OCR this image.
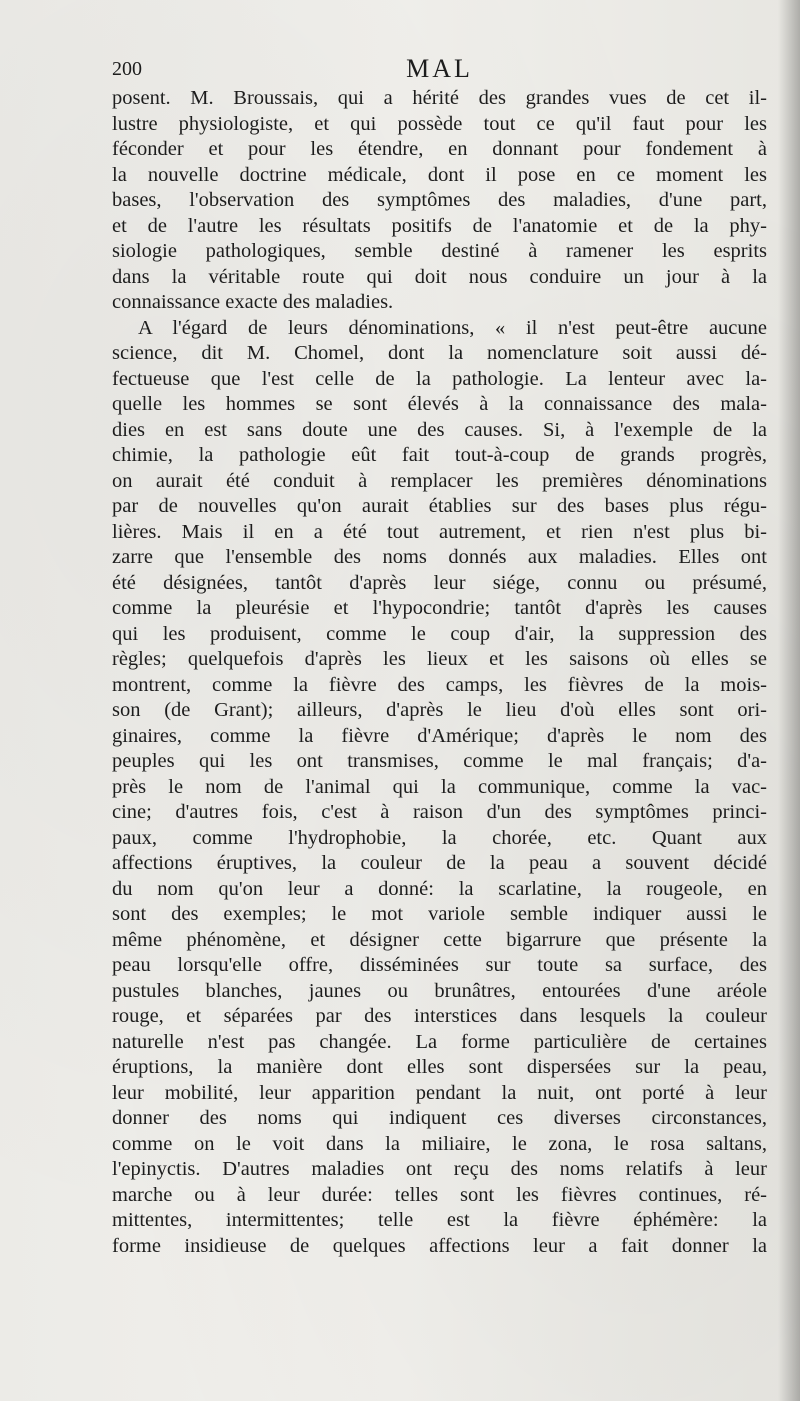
200	MAL
posent. M. Broussais, qui a hérité des grandes vues de cet il-
lustre physiologiste, et qui possède tout ce qu'il faut pour les
féconder et pour les étendre, en donnant pour fondement à
la nouvelle doctrine médicale, dont il pose en ce moment les
bases, l'observation des symptômes des maladies, d'une part,
et de l'autre les résultats positifs de l'anatomie et de la phy-
siologie pathologiques, semble destiné à ramener les esprits
dans la véritable route qui doit nous conduire un jour à la
connaissance exacte des maladies.
A l'égard de leurs dénominations, « il n'est peut-être aucune
science, dit M. Chomel, dont la nomenclature soit aussi dé-
fectueuse que l'est celle de la pathologie. La lenteur avec la-
quelle les hommes se sont élevés à la connaissance des mala-
dies en est sans doute une des causes. Si, à l'exemple de la
chimie, la pathologie eût fait tout-à-coup de grands progrès,
on aurait été conduit à remplacer les premières dénominations
par de nouvelles qu'on aurait établies sur des bases plus régu-
lières. Mais il en a été tout autrement, et rien n'est plus bi-
zarre que l'ensemble des noms donnés aux maladies. Elles ont
été désignées, tantôt d'après leur siége, connu ou présumé,
comme la pleurésie et l'hypocondrie; tantôt d'après les causes
qui les produisent, comme le coup d'air, la suppression des
règles; quelquefois d'après les lieux et les saisons où elles se
montrent, comme la fièvre des camps, les fièvres de la mois-
son (de Grant); ailleurs, d'après le lieu d'où elles sont ori-
ginaires, comme la fièvre d'Amérique; d'après le nom des
peuples qui les ont transmises, comme le mal français; d'a-
près le nom de l'animal qui la communique, comme la vac-
cine; d'autres fois, c'est à raison d'un des symptômes princi-
paux, comme l'hydrophobie, la chorée, etc. Quant aux
affections éruptives, la couleur de la peau a souvent décidé
du nom qu'on leur a donné: la scarlatine, la rougeole, en
sont des exemples; le mot variole semble indiquer aussi le
même phénomène, et désigner cette bigarrure que présente la
peau lorsqu'elle offre, disséminées sur toute sa surface, des
pustules blanches, jaunes ou brunâtres, entourées d'une aréole
rouge, et séparées par des interstices dans lesquels la couleur
naturelle n'est pas changée. La forme particulière de certaines
éruptions, la manière dont elles sont dispersées sur la peau,
leur mobilité, leur apparition pendant la nuit, ont porté à leur
donner des noms qui indiquent ces diverses circonstances,
comme on le voit dans la miliaire, le zona, le rosa saltans,
l'epinyctis. D'autres maladies ont reçu des noms relatifs à leur
marche ou à leur durée: telles sont les fièvres continues, ré-
mittentes, intermittentes; telle est la fièvre éphémère: la
forme insidieuse de quelques affections leur a fait donner la
